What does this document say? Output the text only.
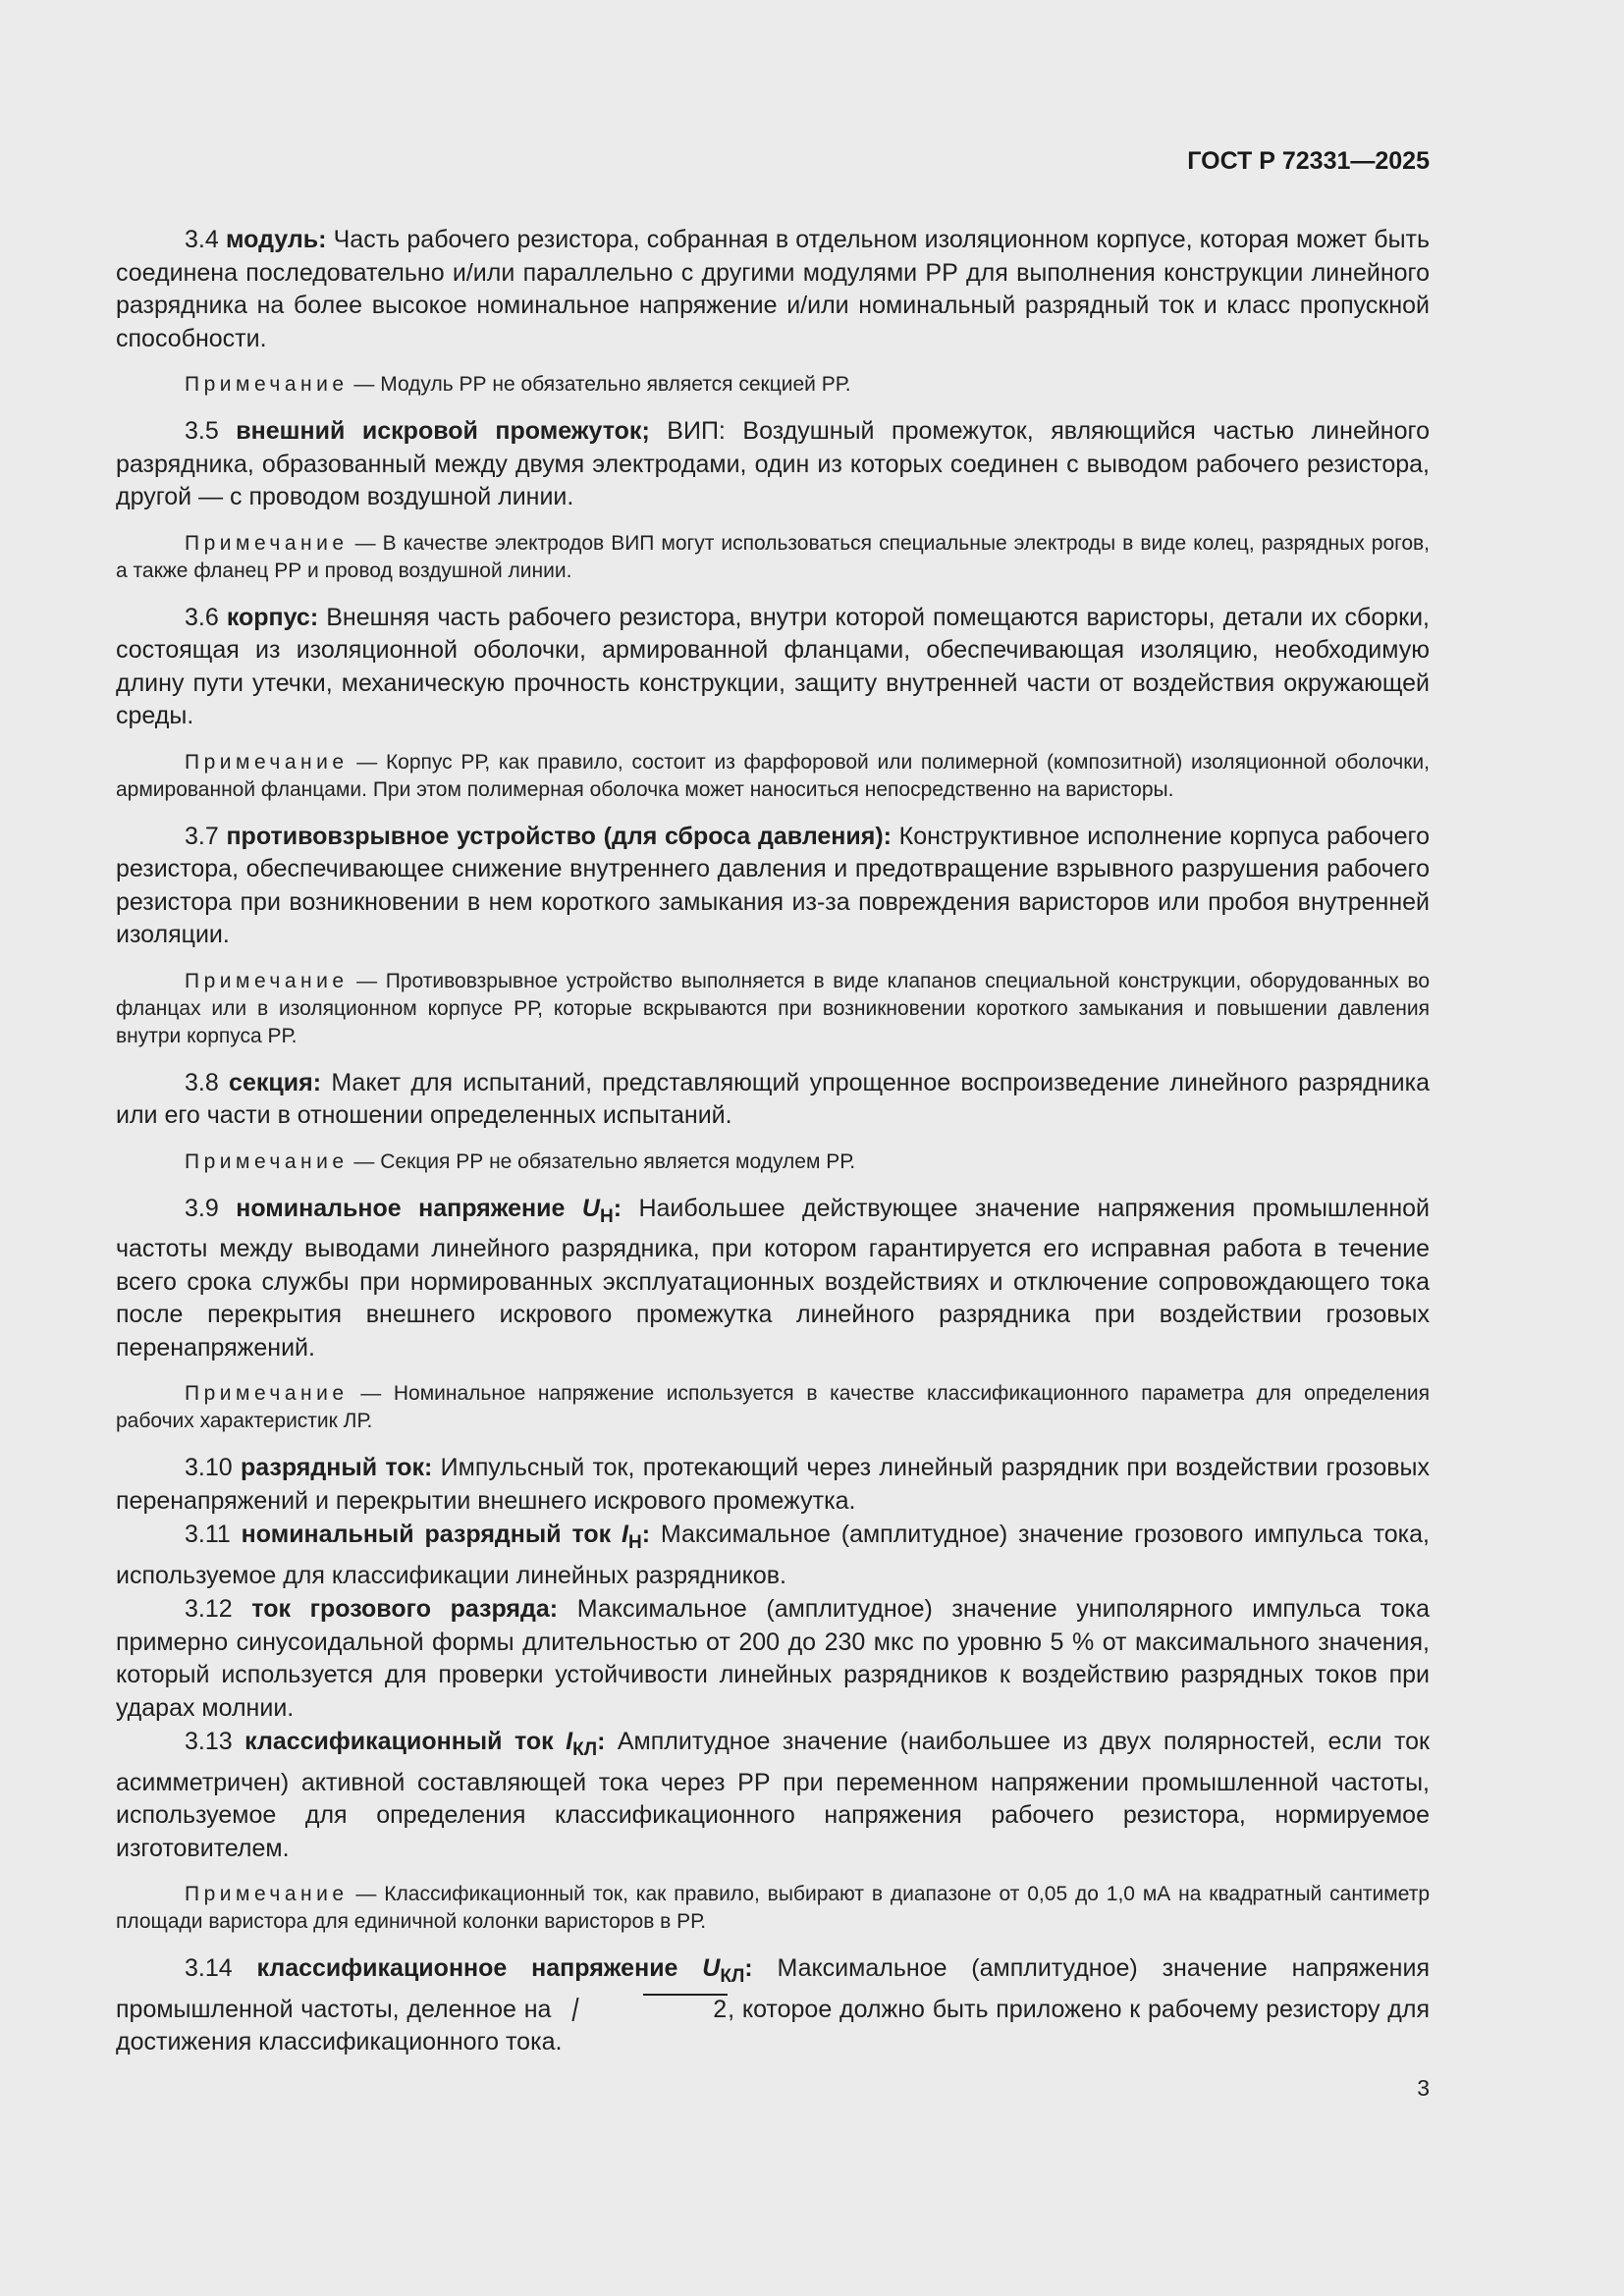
ГОСТ Р 72331—2025

3.4 модуль: Часть рабочего резистора, собранная в отдельном изоляционном корпусе, которая может быть соединена последовательно и/или параллельно с другими модулями РР для выполнения конструкции линейного разрядника на более высокое номинальное напряжение и/или номинальный разрядный ток и класс пропускной способности.

Примечание — Модуль РР не обязательно является секцией РР.

3.5 внешний искровой промежуток; ВИП: Воздушный промежуток, являющийся частью линейного разрядника, образованный между двумя электродами, один из которых соединен с выводом рабочего резистора, другой — с проводом воздушной линии.

Примечание — В качестве электродов ВИП могут использоваться специальные электроды в виде колец, разрядных рогов, а также фланец РР и провод воздушной линии.

3.6 корпус: Внешняя часть рабочего резистора, внутри которой помещаются варисторы, детали их сборки, состоящая из изоляционной оболочки, армированной фланцами, обеспечивающая изоляцию, необходимую длину пути утечки, механическую прочность конструкции, защиту внутренней части от воздействия окружающей среды.

Примечание — Корпус РР, как правило, состоит из фарфоровой или полимерной (композитной) изоляционной оболочки, армированной фланцами. При этом полимерная оболочка может наноситься непосредственно на варисторы.

3.7 противовзрывное устройство (для сброса давления): Конструктивное исполнение корпуса рабочего резистора, обеспечивающее снижение внутреннего давления и предотвращение взрывного разрушения рабочего резистора при возникновении в нем короткого замыкания из-за повреждения варисторов или пробоя внутренней изоляции.

Примечание — Противовзрывное устройство выполняется в виде клапанов специальной конструкции, оборудованных во фланцах или в изоляционном корпусе РР, которые вскрываются при возникновении короткого замыкания и повышении давления внутри корпуса РР.

3.8 секция: Макет для испытаний, представляющий упрощенное воспроизведение линейного разрядника или его части в отношении определенных испытаний.

Примечание — Секция РР не обязательно является модулем РР.

3.9 номинальное напряжение $U_Н$: Наибольшее действующее значение напряжения промышленной частоты между выводами линейного разрядника, при котором гарантируется его исправная работа в течение всего срока службы при нормированных эксплуатационных воздействиях и отключение сопровождающего тока после перекрытия внешнего искрового промежутка линейного разрядника при воздействии грозовых перенапряжений.

Примечание — Номинальное напряжение используется в качестве классификационного параметра для определения рабочих характеристик ЛР.

3.10 разрядный ток: Импульсный ток, протекающий через линейный разрядник при воздействии грозовых перенапряжений и перекрытии внешнего искрового промежутка.

3.11 номинальный разрядный ток $I_Н$: Максимальное (амплитудное) значение грозового импульса тока, используемое для классификации линейных разрядников.

3.12 ток грозового разряда: Максимальное (амплитудное) значение униполярного импульса тока примерно синусоидальной формы длительностью от 200 до 230 мкс по уровню 5 % от максимального значения, который используется для проверки устойчивости линейных разрядников к воздействию разрядных токов при ударах молнии.

3.13 классификационный ток $I_{КЛ}$: Амплитудное значение (наибольшее из двух полярностей, если ток асимметричен) активной составляющей тока через РР при переменном напряжении промышленной частоты, используемое для определения классификационного напряжения рабочего резистора, нормируемое изготовителем.

Примечание — Классификационный ток, как правило, выбирают в диапазоне от 0,05 до 1,0 мА на квадратный сантиметр площади варистора для единичной колонки варисторов в РР.

3.14 классификационное напряжение $U_{КЛ}$: Максимальное (амплитудное) значение напряжения промышленной частоты, деленное на	2, которое должно быть приложено к рабочему резистору для достижения классификационного тока.

3
